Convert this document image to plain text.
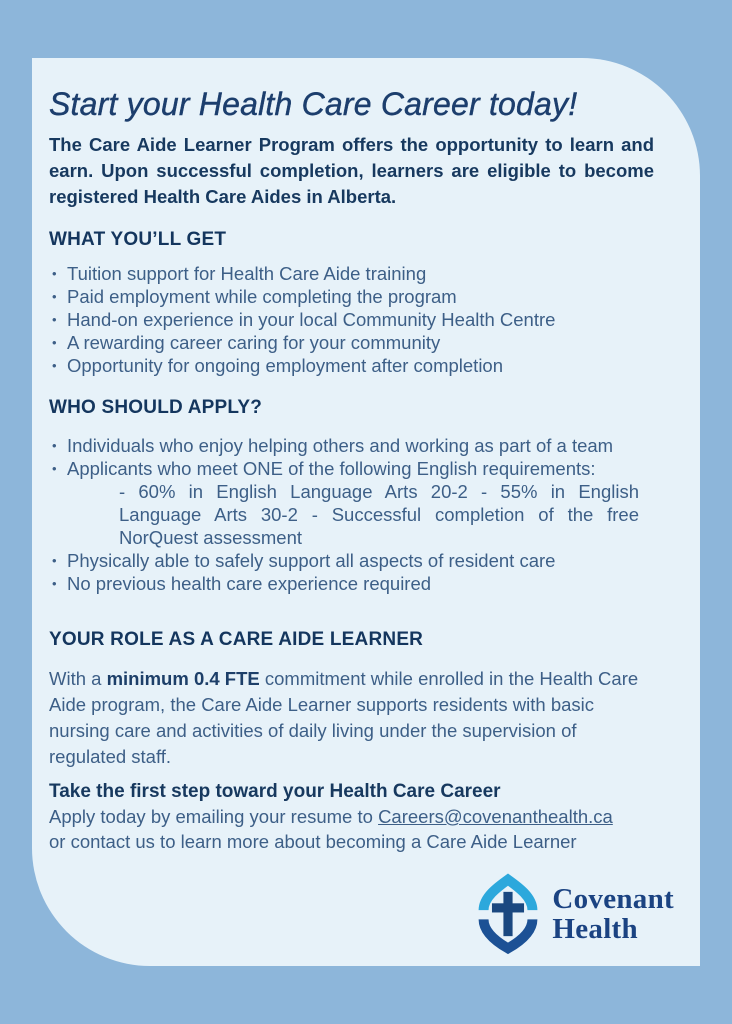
Start your Health Care Career today!

The Care Aide Learner Program offers the opportunity to learn and earn. Upon successful completion, learners are eligible to become registered Health Care Aides in Alberta.

WHAT YOU’LL GET
• Tuition support for Health Care Aide training
• Paid employment while completing the program
• Hand-on experience in your local Community Health Centre
• A rewarding career caring for your community
• Opportunity for ongoing employment after completion
WHO SHOULD APPLY?
• Individuals who enjoy helping others and working as part of a team
• Applicants who meet ONE of the following English requirements:
- 60% in English Language Arts 20-2 - 55% in English Language Arts 30-2 - Successful completion of the free NorQuest assessment
• Physically able to safely support all aspects of resident care
• No previous health care experience required
YOUR ROLE AS A CARE AIDE LEARNER

With a minimum 0.4 FTE commitment while enrolled in the Health Care Aide program, the Care Aide Learner supports residents with basic nursing care and activities of daily living under the supervision of regulated staff.

Take the first step toward your Health Care Career
Apply today by emailing your resume to Careers@covenanthealth.ca
or contact us to learn more about becoming a Care Aide Learner
Covenant
Health
